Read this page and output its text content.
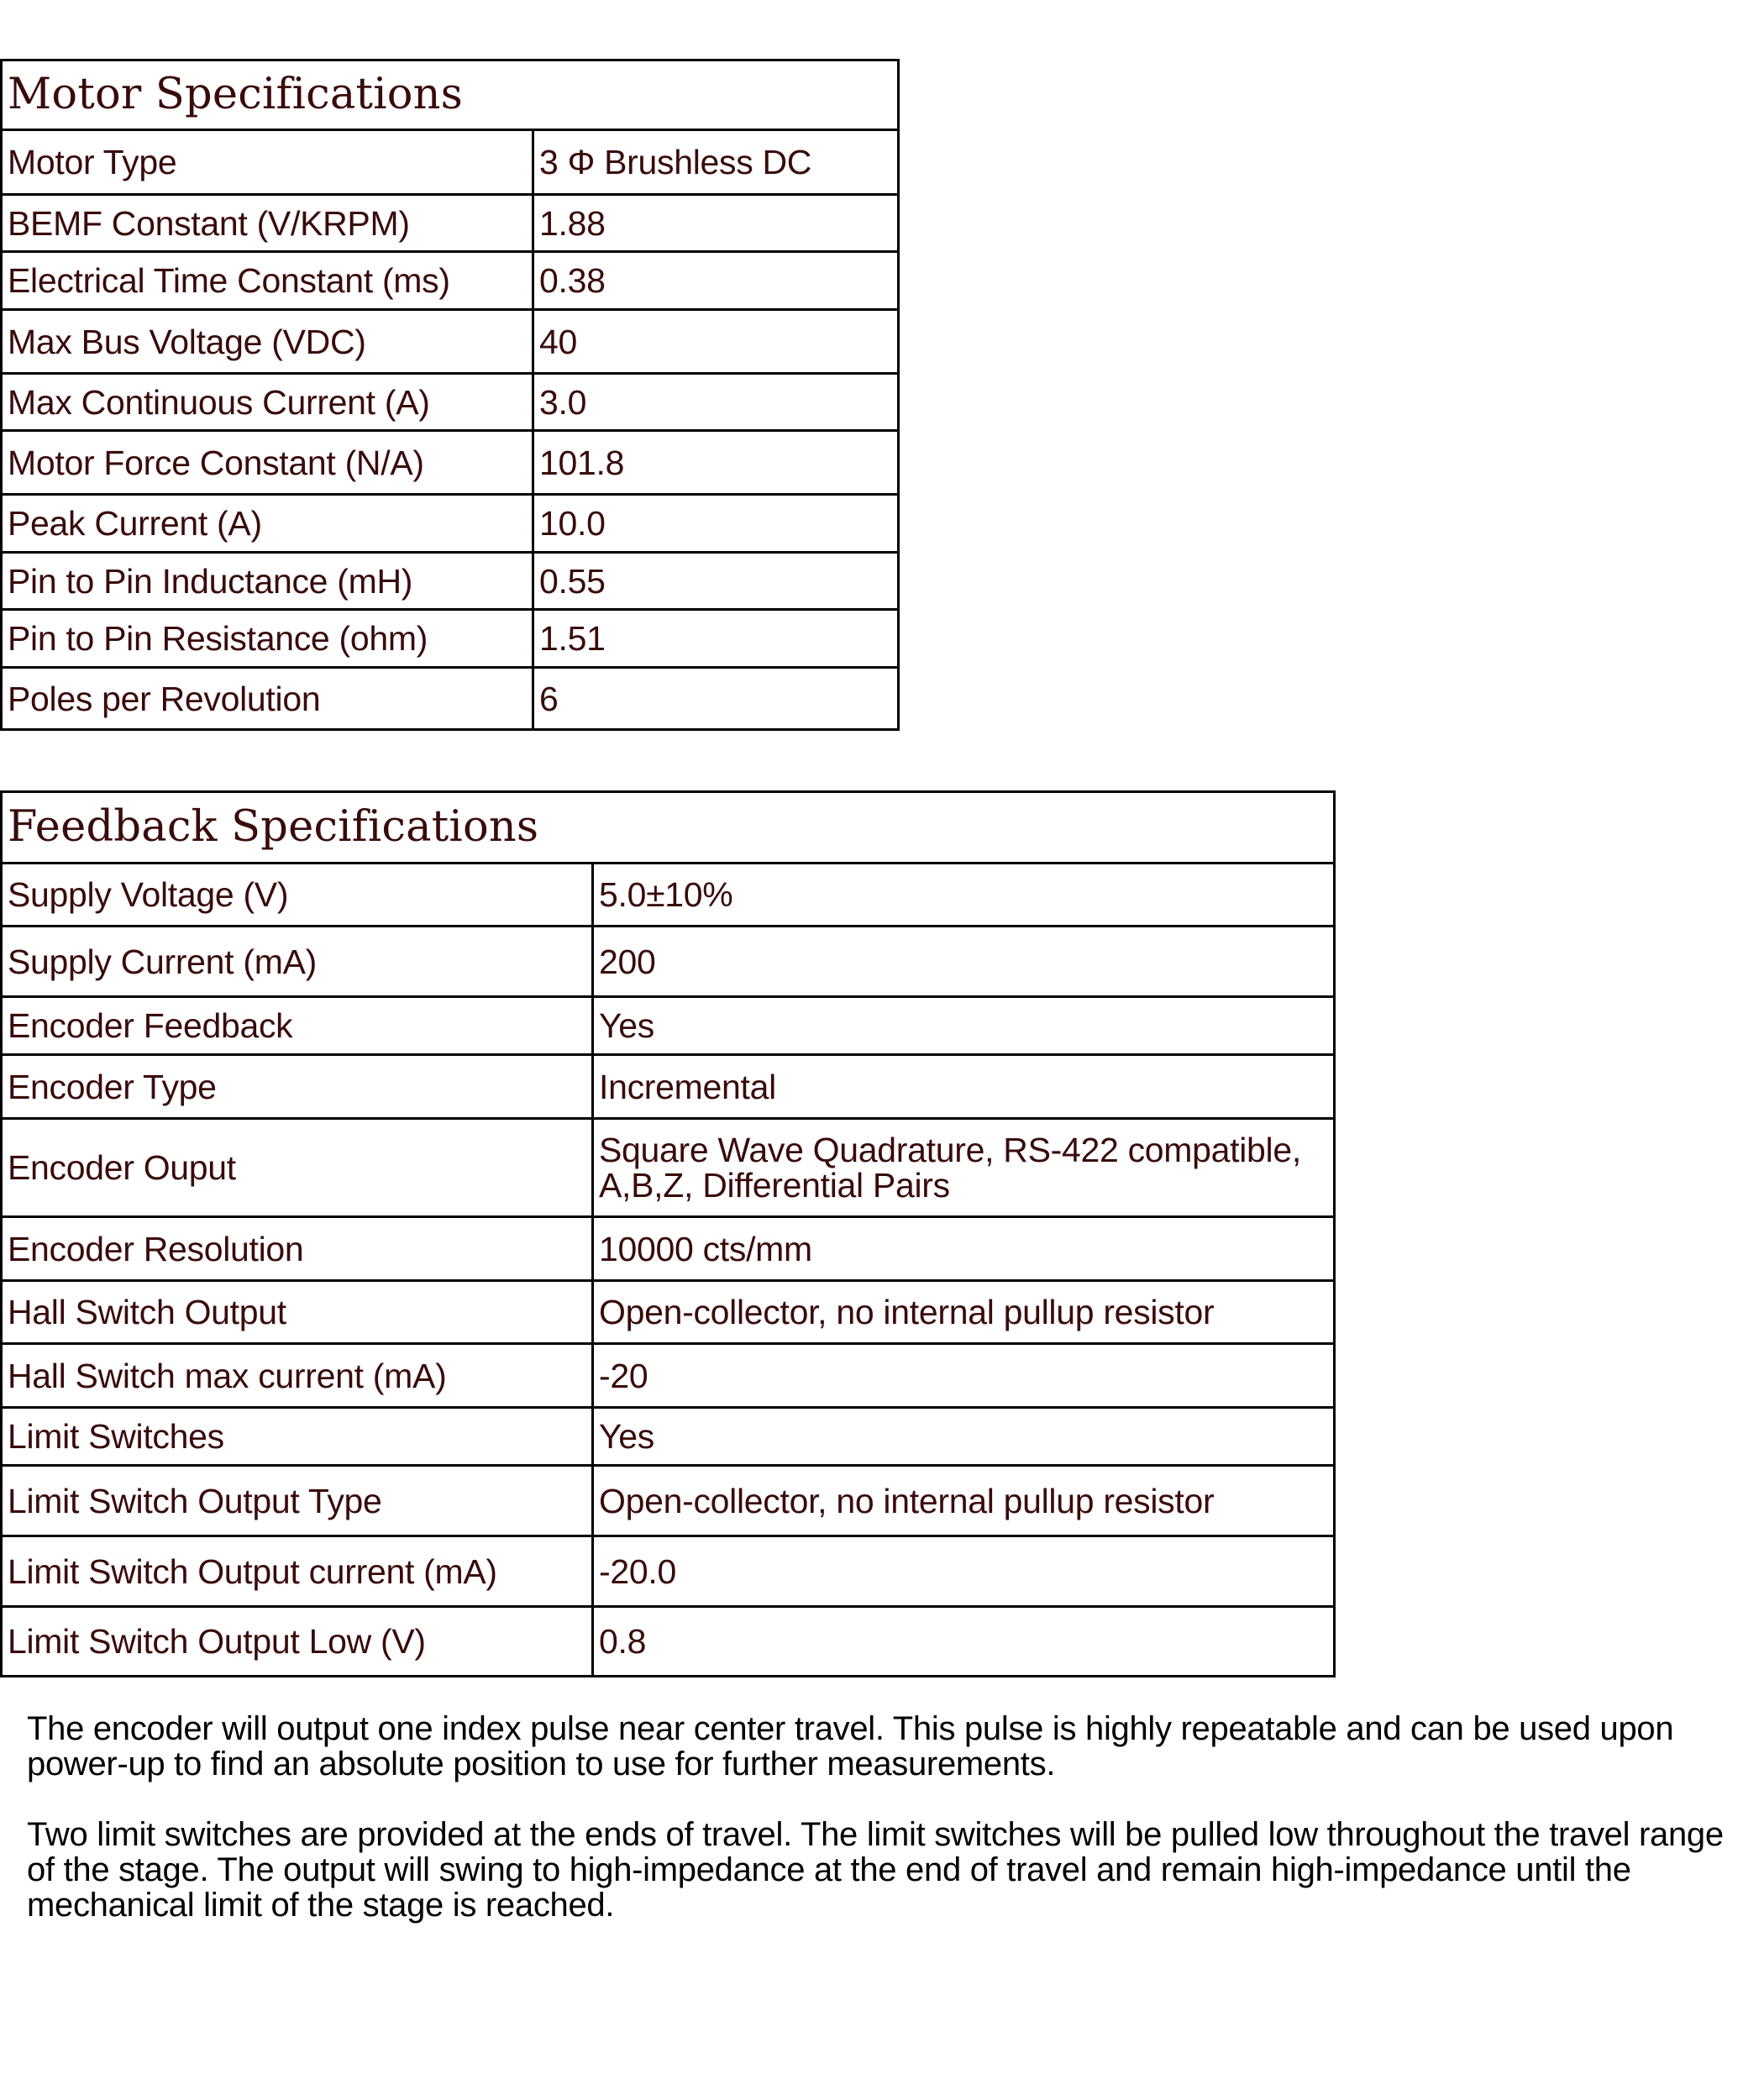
Motor Specifications	
Motor Type	3 Φ Brushless DC
BEMF Constant (V/KRPM)	1.88
Electrical Time Constant (ms)	0.38
Max Bus Voltage (VDC)	40
Max Continuous Current (A)	3.0
Motor Force Constant (N/A)	101.8
Peak Current (A)	10.0
Pin to Pin Inductance (mH)	0.55
Pin to Pin Resistance (ohm)	1.51
Poles per Revolution	6
Feedback Specifications	
Supply Voltage (V)	5.0±10%
Supply Current (mA)	200
Encoder Feedback	Yes
Encoder Type	Incremental
Encoder Ouput	Square Wave Quadrature, RS-422 compatible,
A,B,Z, Differential Pairs

Encoder Resolution	10000 cts/mm
Hall Switch Output	Open-collector, no internal pullup resistor
Hall Switch max current (mA)	-20
Limit Switches	Yes
Limit Switch Output Type	Open-collector, no internal pullup resistor
Limit Switch Output current (mA)	-20.0
Limit Switch Output Low (V)	0.8

The encoder will output one index pulse near center travel. This pulse is highly repeatable and can be used upon power-up to find an absolute position to use for further measurements.

Two limit switches are provided at the ends of travel. The limit switches will be pulled low throughout the travel range of the stage. The output will swing to high-impedance at the end of travel and remain high-impedance until the mechanical limit of the stage is reached.
